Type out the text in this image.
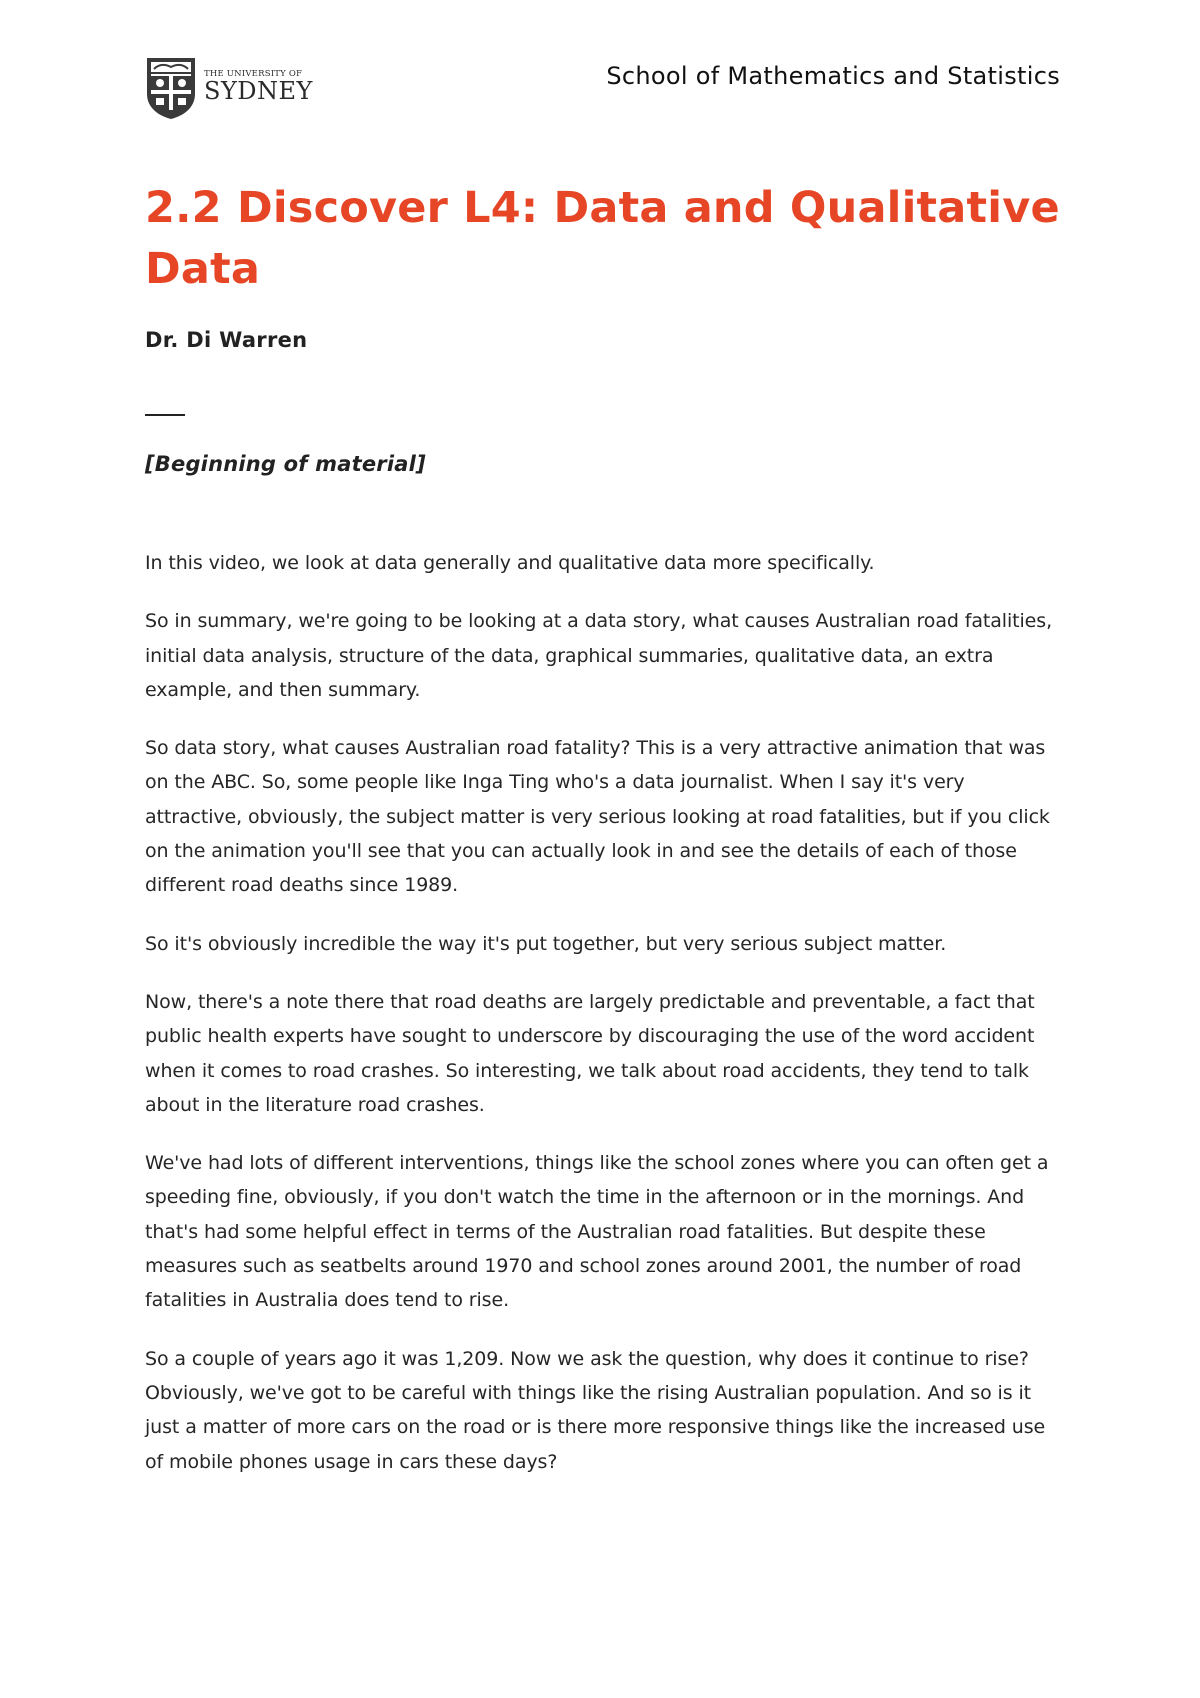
THE UNIVERSITY OF
SYDNEY
School of Mathematics and Statistics
2.2 Discover L4: Data and Qualitative Data
Dr. Di Warren
[Beginning of material]

In this video, we look at data generally and qualitative data more specifically.

So in summary, we're going to be looking at a data story, what causes Australian road fatalities, initial data analysis, structure of the data, graphical summaries, qualitative data, an extra example, and then summary.

So data story, what causes Australian road fatality? This is a very attractive animation that was on the ABC. So, some people like Inga Ting who's a data journalist. When I say it's very attractive, obviously, the subject matter is very serious looking at road fatalities, but if you click on the animation you'll see that you can actually look in and see the details of each of those different road deaths since 1989.

So it's obviously incredible the way it's put together, but very serious subject matter.

Now, there's a note there that road deaths are largely predictable and preventable, a fact that public health experts have sought to underscore by discouraging the use of the word accident when it comes to road crashes. So interesting, we talk about road accidents, they tend to talk about in the literature road crashes.

We've had lots of different interventions, things like the school zones where you can often get a speeding fine, obviously, if you don't watch the time in the afternoon or in the mornings. And that's had some helpful effect in terms of the Australian road fatalities. But despite these measures such as seatbelts around 1970 and school zones around 2001, the number of road fatalities in Australia does tend to rise.

So a couple of years ago it was 1,209. Now we ask the question, why does it continue to rise? Obviously, we've got to be careful with things like the rising Australian population. And so is it just a matter of more cars on the road or is there more responsive things like the increased use of mobile phones usage in cars these days?
